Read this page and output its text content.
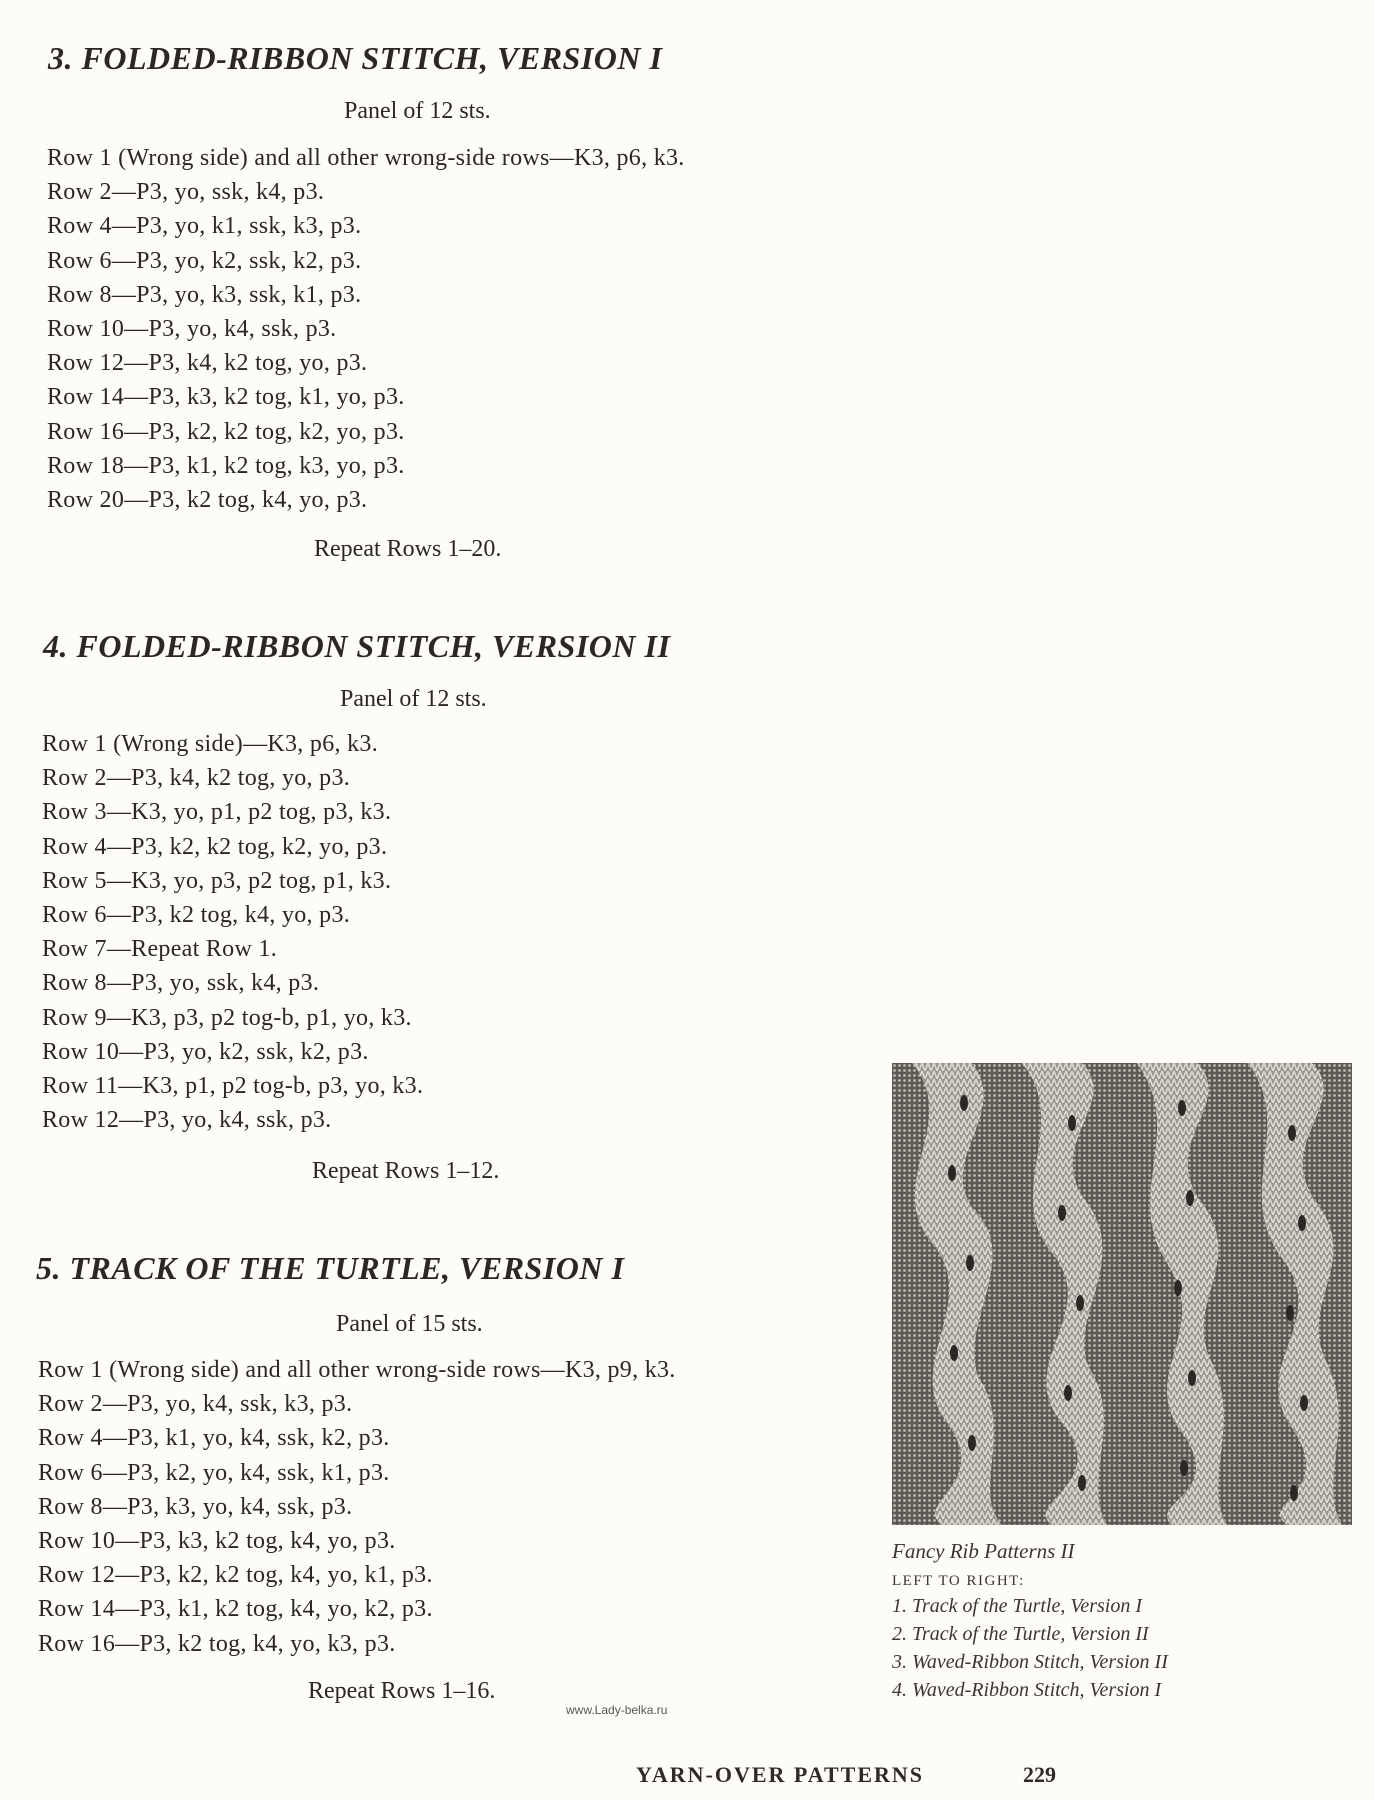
3. FOLDED-RIBBON STITCH, VERSION I

Panel of 12 sts.

Row 1 (Wrong side) and all other wrong-side rows—K3, p6, k3.
Row 2—P3, yo, ssk, k4, p3.
Row 4—P3, yo, k1, ssk, k3, p3.
Row 6—P3, yo, k2, ssk, k2, p3.
Row 8—P3, yo, k3, ssk, k1, p3.
Row 10—P3, yo, k4, ssk, p3.
Row 12—P3, k4, k2 tog, yo, p3.
Row 14—P3, k3, k2 tog, k1, yo, p3.
Row 16—P3, k2, k2 tog, k2, yo, p3.
Row 18—P3, k1, k2 tog, k3, yo, p3.
Row 20—P3, k2 tog, k4, yo, p3.

Repeat Rows 1–20.

4. FOLDED-RIBBON STITCH, VERSION II

Panel of 12 sts.

Row 1 (Wrong side)—K3, p6, k3.
Row 2—P3, k4, k2 tog, yo, p3.
Row 3—K3, yo, p1, p2 tog, p3, k3.
Row 4—P3, k2, k2 tog, k2, yo, p3.
Row 5—K3, yo, p3, p2 tog, p1, k3.
Row 6—P3, k2 tog, k4, yo, p3.
Row 7—Repeat Row 1.
Row 8—P3, yo, ssk, k4, p3.
Row 9—K3, p3, p2 tog-b, p1, yo, k3.
Row 10—P3, yo, k2, ssk, k2, p3.
Row 11—K3, p1, p2 tog-b, p3, yo, k3.
Row 12—P3, yo, k4, ssk, p3.

Repeat Rows 1–12.

5. TRACK OF THE TURTLE, VERSION I

Panel of 15 sts.

Row 1 (Wrong side) and all other wrong-side rows—K3, p9, k3.
Row 2—P3, yo, k4, ssk, k3, p3.
Row 4—P3, k1, yo, k4, ssk, k2, p3.
Row 6—P3, k2, yo, k4, ssk, k1, p3.
Row 8—P3, k3, yo, k4, ssk, p3.
Row 10—P3, k3, k2 tog, k4, yo, p3.
Row 12—P3, k2, k2 tog, k4, yo, k1, p3.
Row 14—P3, k1, k2 tog, k4, yo, k2, p3.
Row 16—P3, k2 tog, k4, yo, k3, p3.

Repeat Rows 1–16.

Fancy Rib Patterns II
LEFT TO RIGHT:
1. Track of the Turtle, Version I
2. Track of the Turtle, Version II
3. Waved-Ribbon Stitch, Version II
4. Waved-Ribbon Stitch, Version I
www.Lady-belka.ru
YARN-OVER PATTERNS	229
